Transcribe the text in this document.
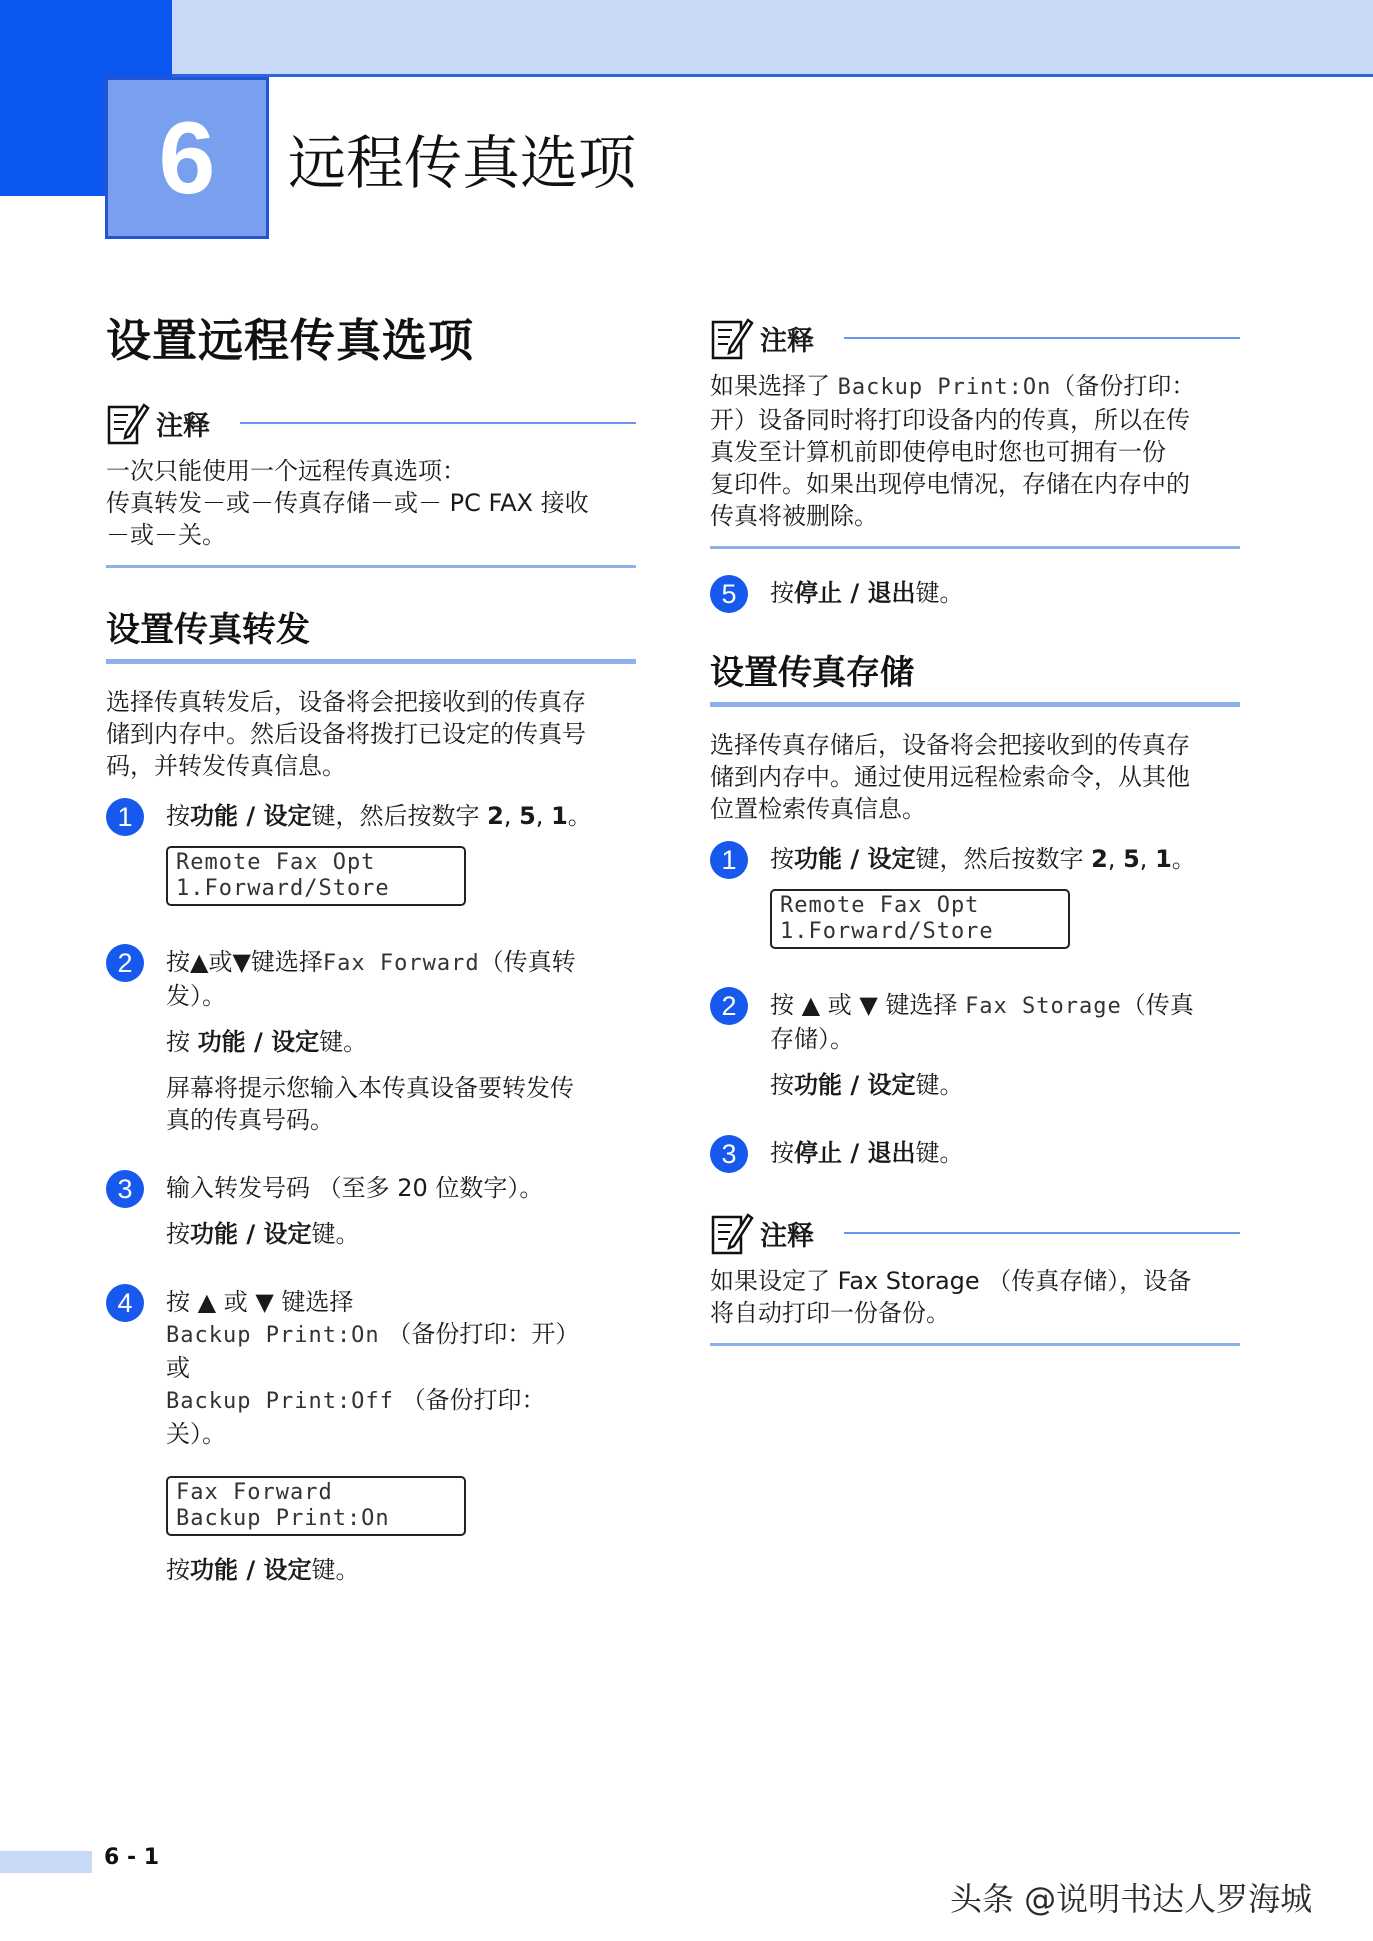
6 远程传真选项
设置远程传真选项
注释
一次只能使用一个远程传真选项：
传真转发－或－传真存储－或－ PC FAX 接收
－或－关。
设置传真转发
选择传真转发后，设备将会把接收到的传真存
储到内存中。然后设备将拨打已设定的传真号
码，并转发传真信息。
1	按功能 / 设定键，然后按数字 2, 5, 1。

Remote Fax Opt
1.Forward/Store
2	按▲或▼键选择Fax Forward（传真转
发）。

按 功能 / 设定键。

屏幕将提示您输入本传真设备要转发传
真的传真号码。

3	输入转发号码 （至多 20 位数字）。

按功能 / 设定键。

4	按 ▲ 或 ▼ 键选择

Backup Print:On （备份打印：开）

或

Backup Print:Off （备份打印：
关）。

Fax Forward
Backup Print:On

按功能 / 设定键。

注释
如果选择了 Backup Print:On（备份打印：
开）设备同时将打印设备内的传真，所以在传
真发至计算机前即使停电时您也可拥有一份
复印件。如果出现停电情况，存储在内存中的
传真将被删除。
5	按停止 / 退出键。

设置传真存储
选择传真存储后，设备将会把接收到的传真存
储到内存中。通过使用远程检索命令，从其他
位置检索传真信息。
1	按功能 / 设定键，然后按数字 2, 5, 1。

Remote Fax Opt
1.Forward/Store
2	按 ▲ 或 ▼ 键选择 Fax Storage（传真
存储）。

按功能 / 设定键。

3	按停止 / 退出键。

注释
如果设定了 Fax Storage （传真存储），设备
将自动打印一份备份。
6 - 1
头条 @说明书达人罗海城
